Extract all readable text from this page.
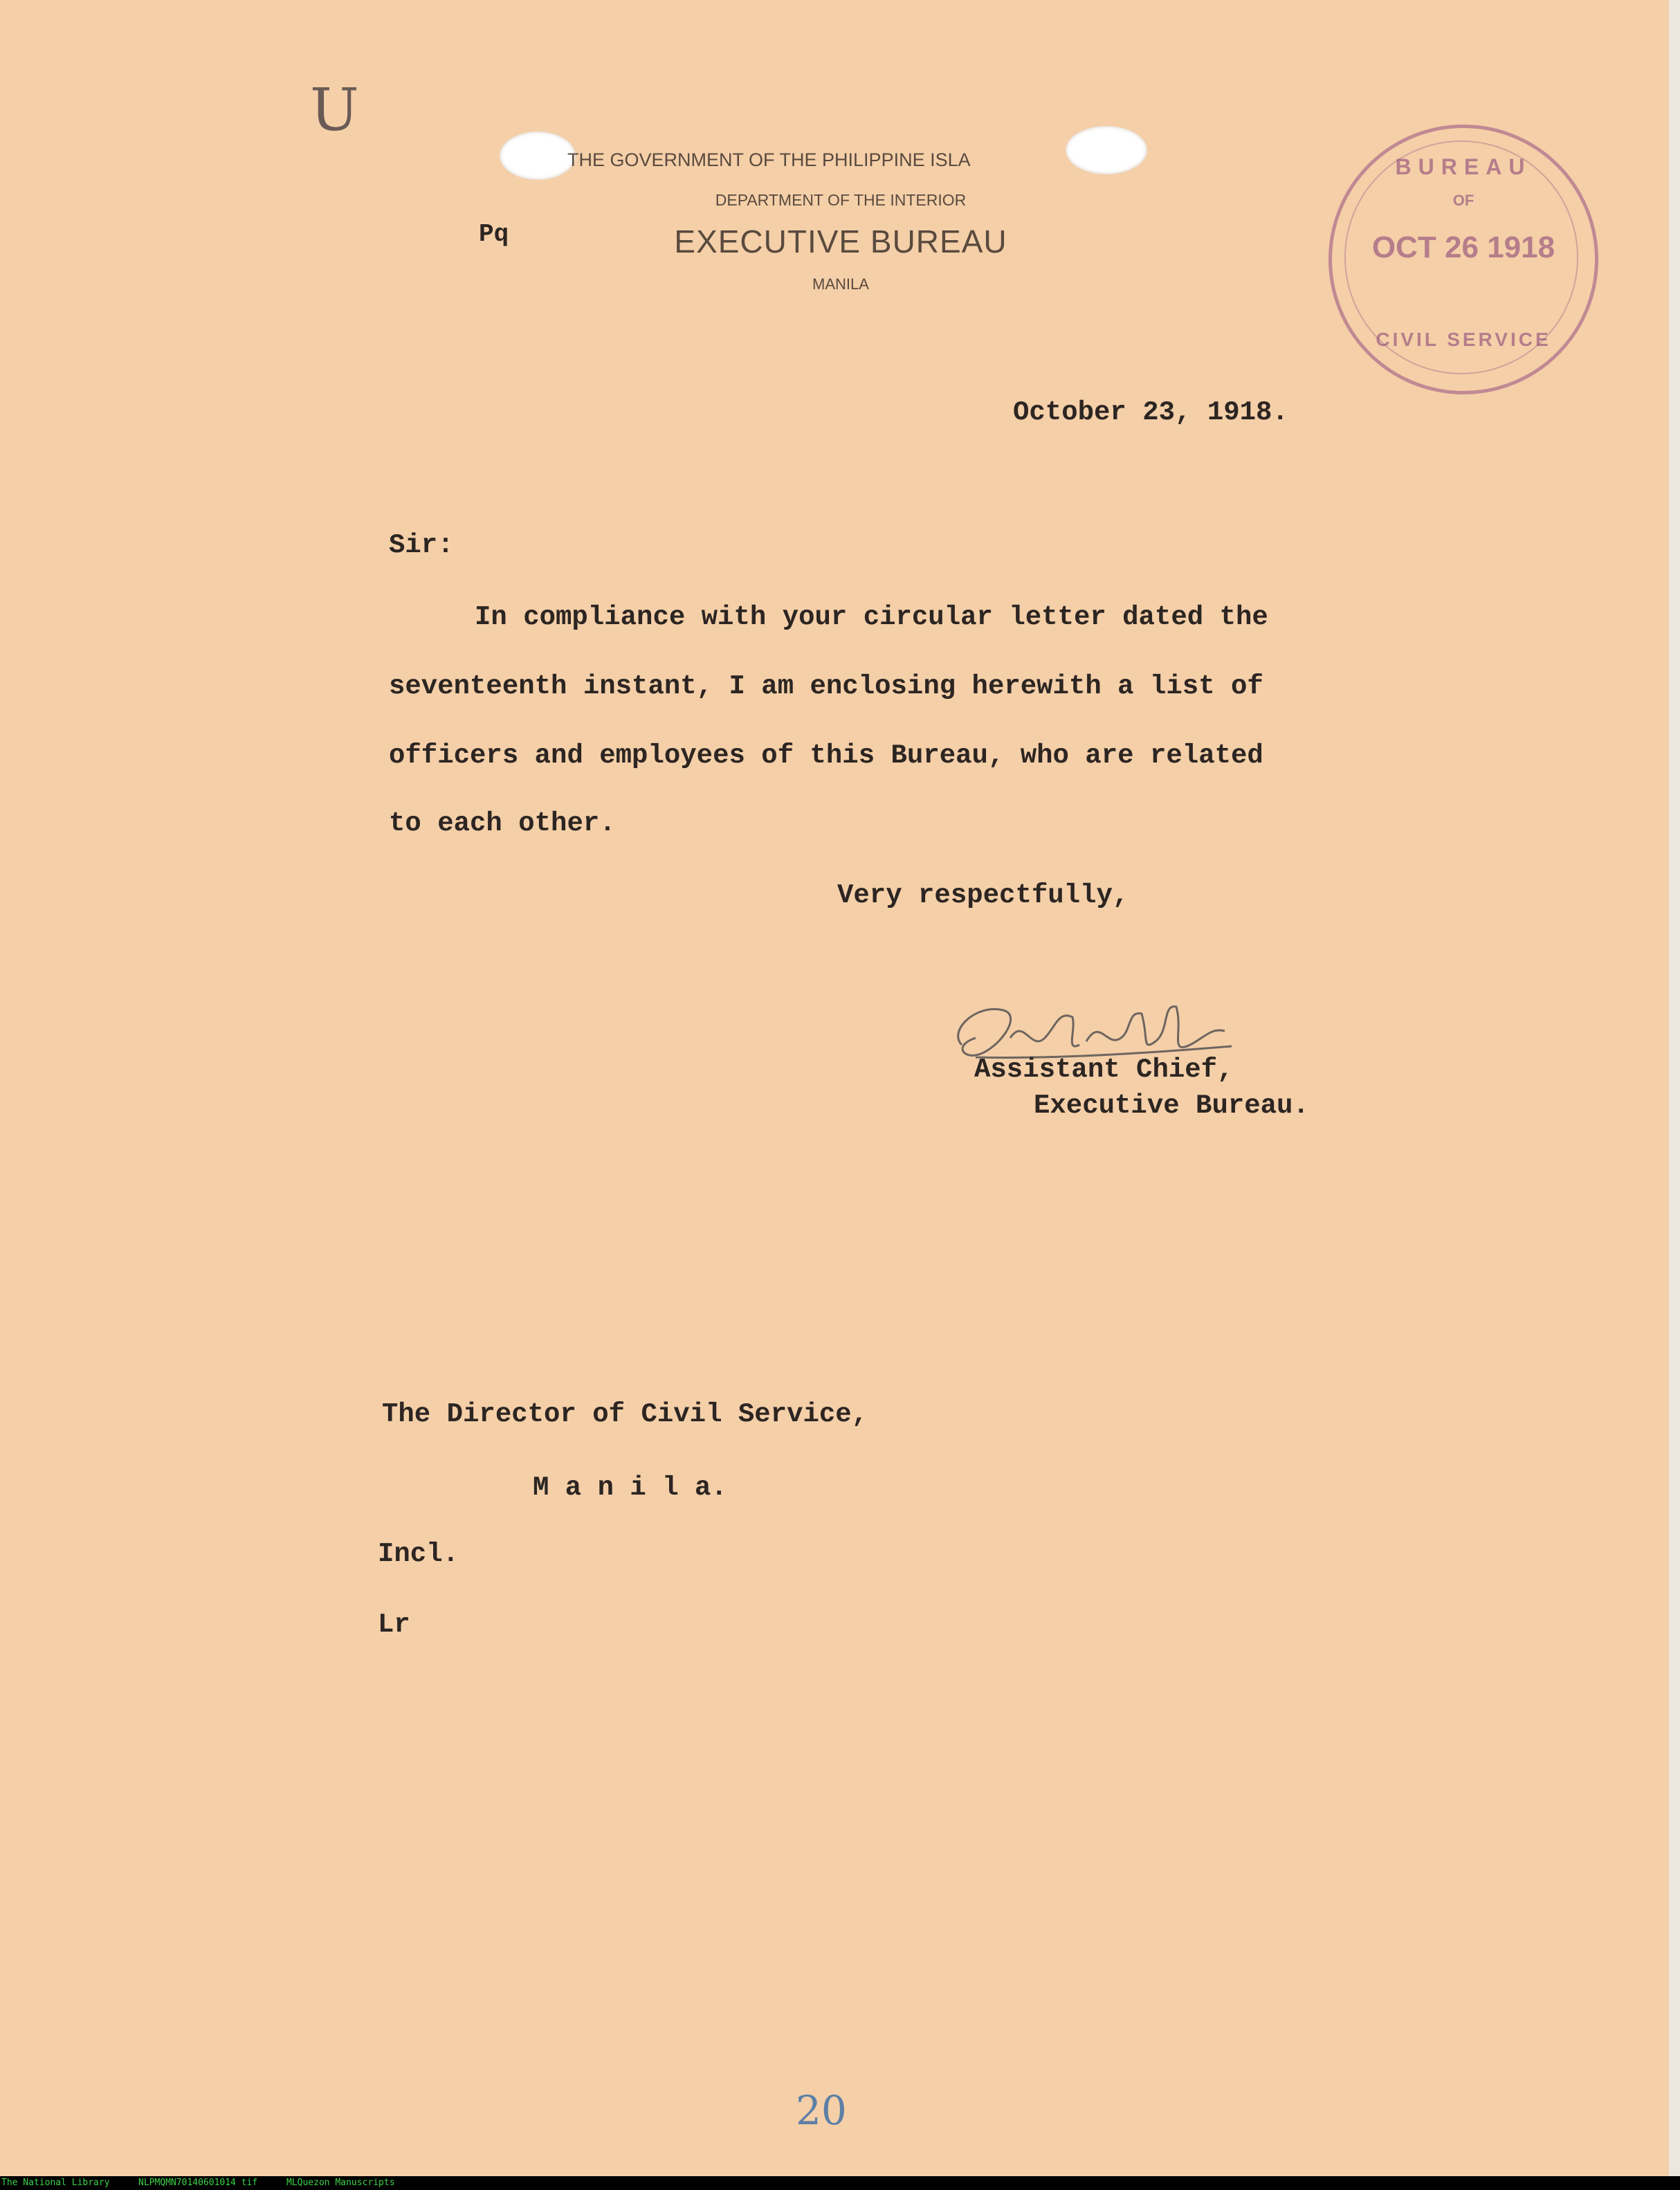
U
Pq
THE GOVERNMENT OF THE PHILIPPINE ISLA
DEPARTMENT OF THE INTERIOR
EXECUTIVE BUREAU
MANILA
BUREAU
OF
OCT 26 1918
CIVIL SERVICE
October 23, 1918.
Sir:
In compliance with your circular letter dated the
seventeenth instant, I am enclosing herewith a list of
officers and employees of this Bureau, who are related
to each other.
Very respectfully,
Assistant Chief,
Executive Bureau.
The Director of Civil Service,
M a n i l a.
Incl.
Lr
20
The National Library	NLPMQMN70140601014 tif	MLQuezon Manuscripts
